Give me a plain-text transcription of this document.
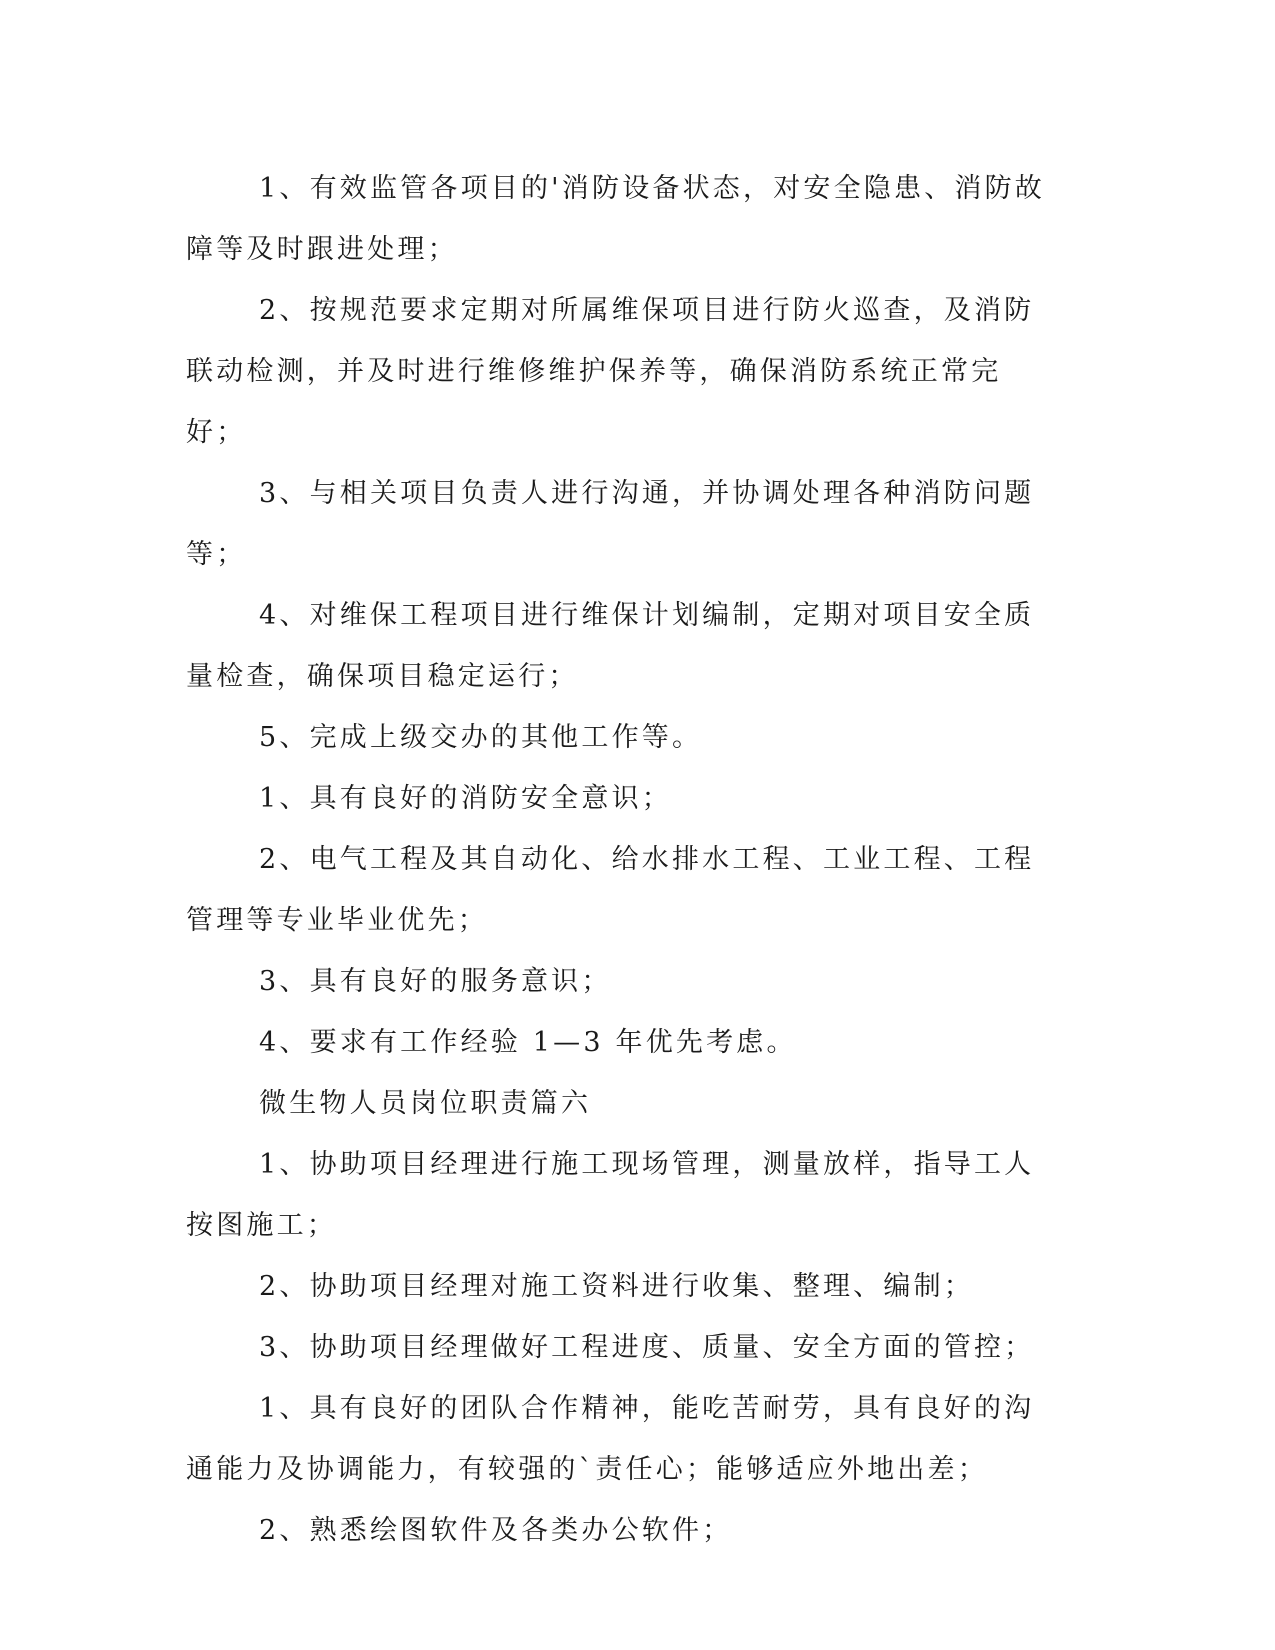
1、有效监管各项目的'消防设备状态，对安全隐患、消防故障等及时跟进处理；

2、按规范要求定期对所属维保项目进行防火巡查，及消防联动检测，并及时进行维修维护保养等，确保消防系统正常完好；

3、与相关项目负责人进行沟通，并协调处理各种消防问题等；

4、对维保工程项目进行维保计划编制，定期对项目安全质量检查，确保项目稳定运行；

5、完成上级交办的其他工作等。

1、具有良好的消防安全意识；

2、电气工程及其自动化、给水排水工程、工业工程、工程管理等专业毕业优先；

3、具有良好的服务意识；

4、要求有工作经验 1—3 年优先考虑。

微生物人员岗位职责篇六

1、协助项目经理进行施工现场管理，测量放样，指导工人按图施工；

2、协助项目经理对施工资料进行收集、整理、编制；

3、协助项目经理做好工程进度、质量、安全方面的管控；

1、具有良好的团队合作精神，能吃苦耐劳，具有良好的沟通能力及协调能力，有较强的`责任心；能够适应外地出差；

2、熟悉绘图软件及各类办公软件；
